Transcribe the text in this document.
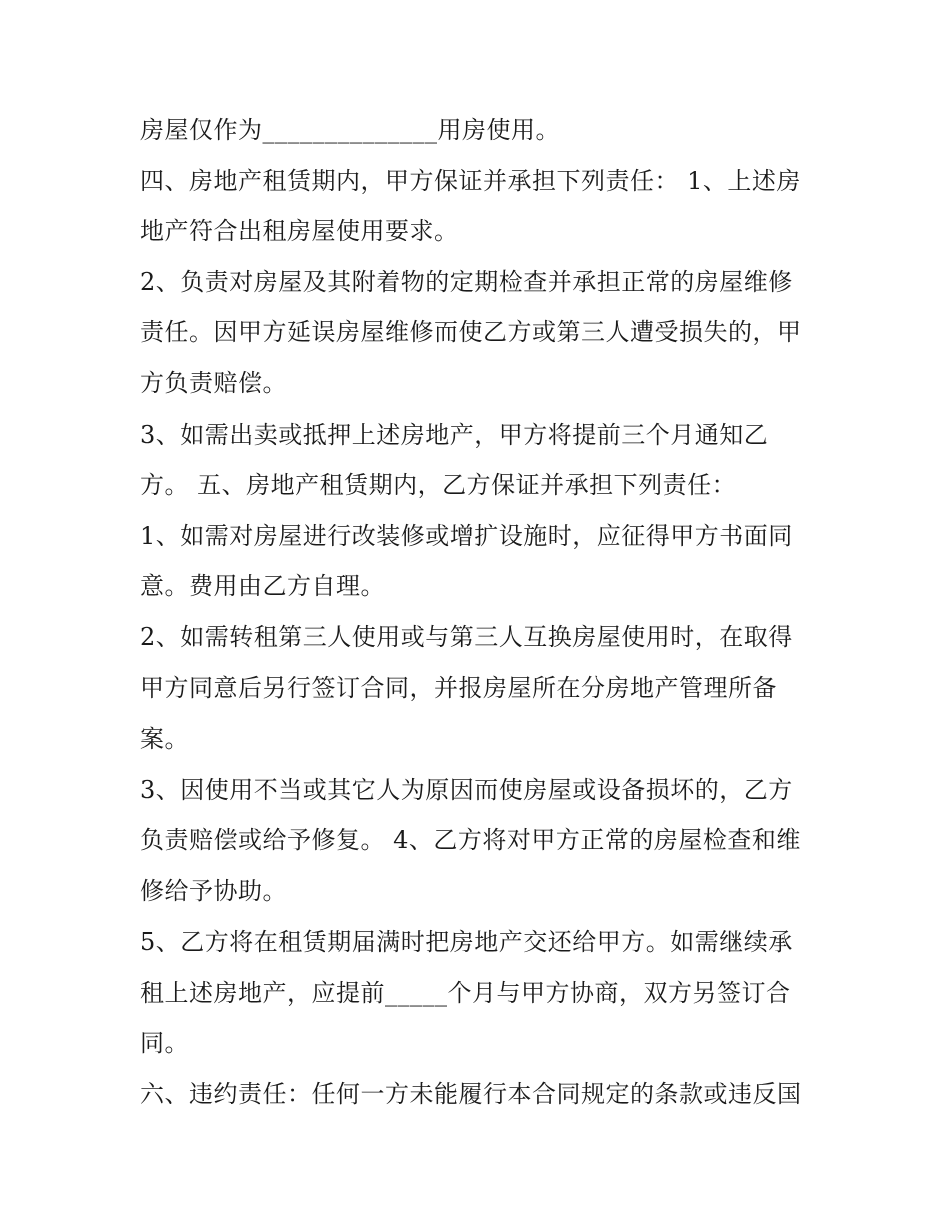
房屋仅作为______________用房使用。
四、房地产租赁期内，甲方保证并承担下列责任： 1、上述房
地产符合出租房屋使用要求。
2、负责对房屋及其附着物的定期检查并承担正常的房屋维修
责任。因甲方延误房屋维修而使乙方或第三人遭受损失的，甲
方负责赔偿。
3、如需出卖或抵押上述房地产，甲方将提前三个月通知乙
方。 五、房地产租赁期内，乙方保证并承担下列责任：
1、如需对房屋进行改装修或增扩设施时，应征得甲方书面同
意。费用由乙方自理。
2、如需转租第三人使用或与第三人互换房屋使用时，在取得
甲方同意后另行签订合同，并报房屋所在分房地产管理所备
案。
3、因使用不当或其它人为原因而使房屋或设备损坏的，乙方
负责赔偿或给予修复。 4、乙方将对甲方正常的房屋检查和维
修给予协助。
5、乙方将在租赁期届满时把房地产交还给甲方。如需继续承
租上述房地产，应提前_____个月与甲方协商，双方另签订合
同。
六、违约责任：任何一方未能履行本合同规定的条款或违反国
